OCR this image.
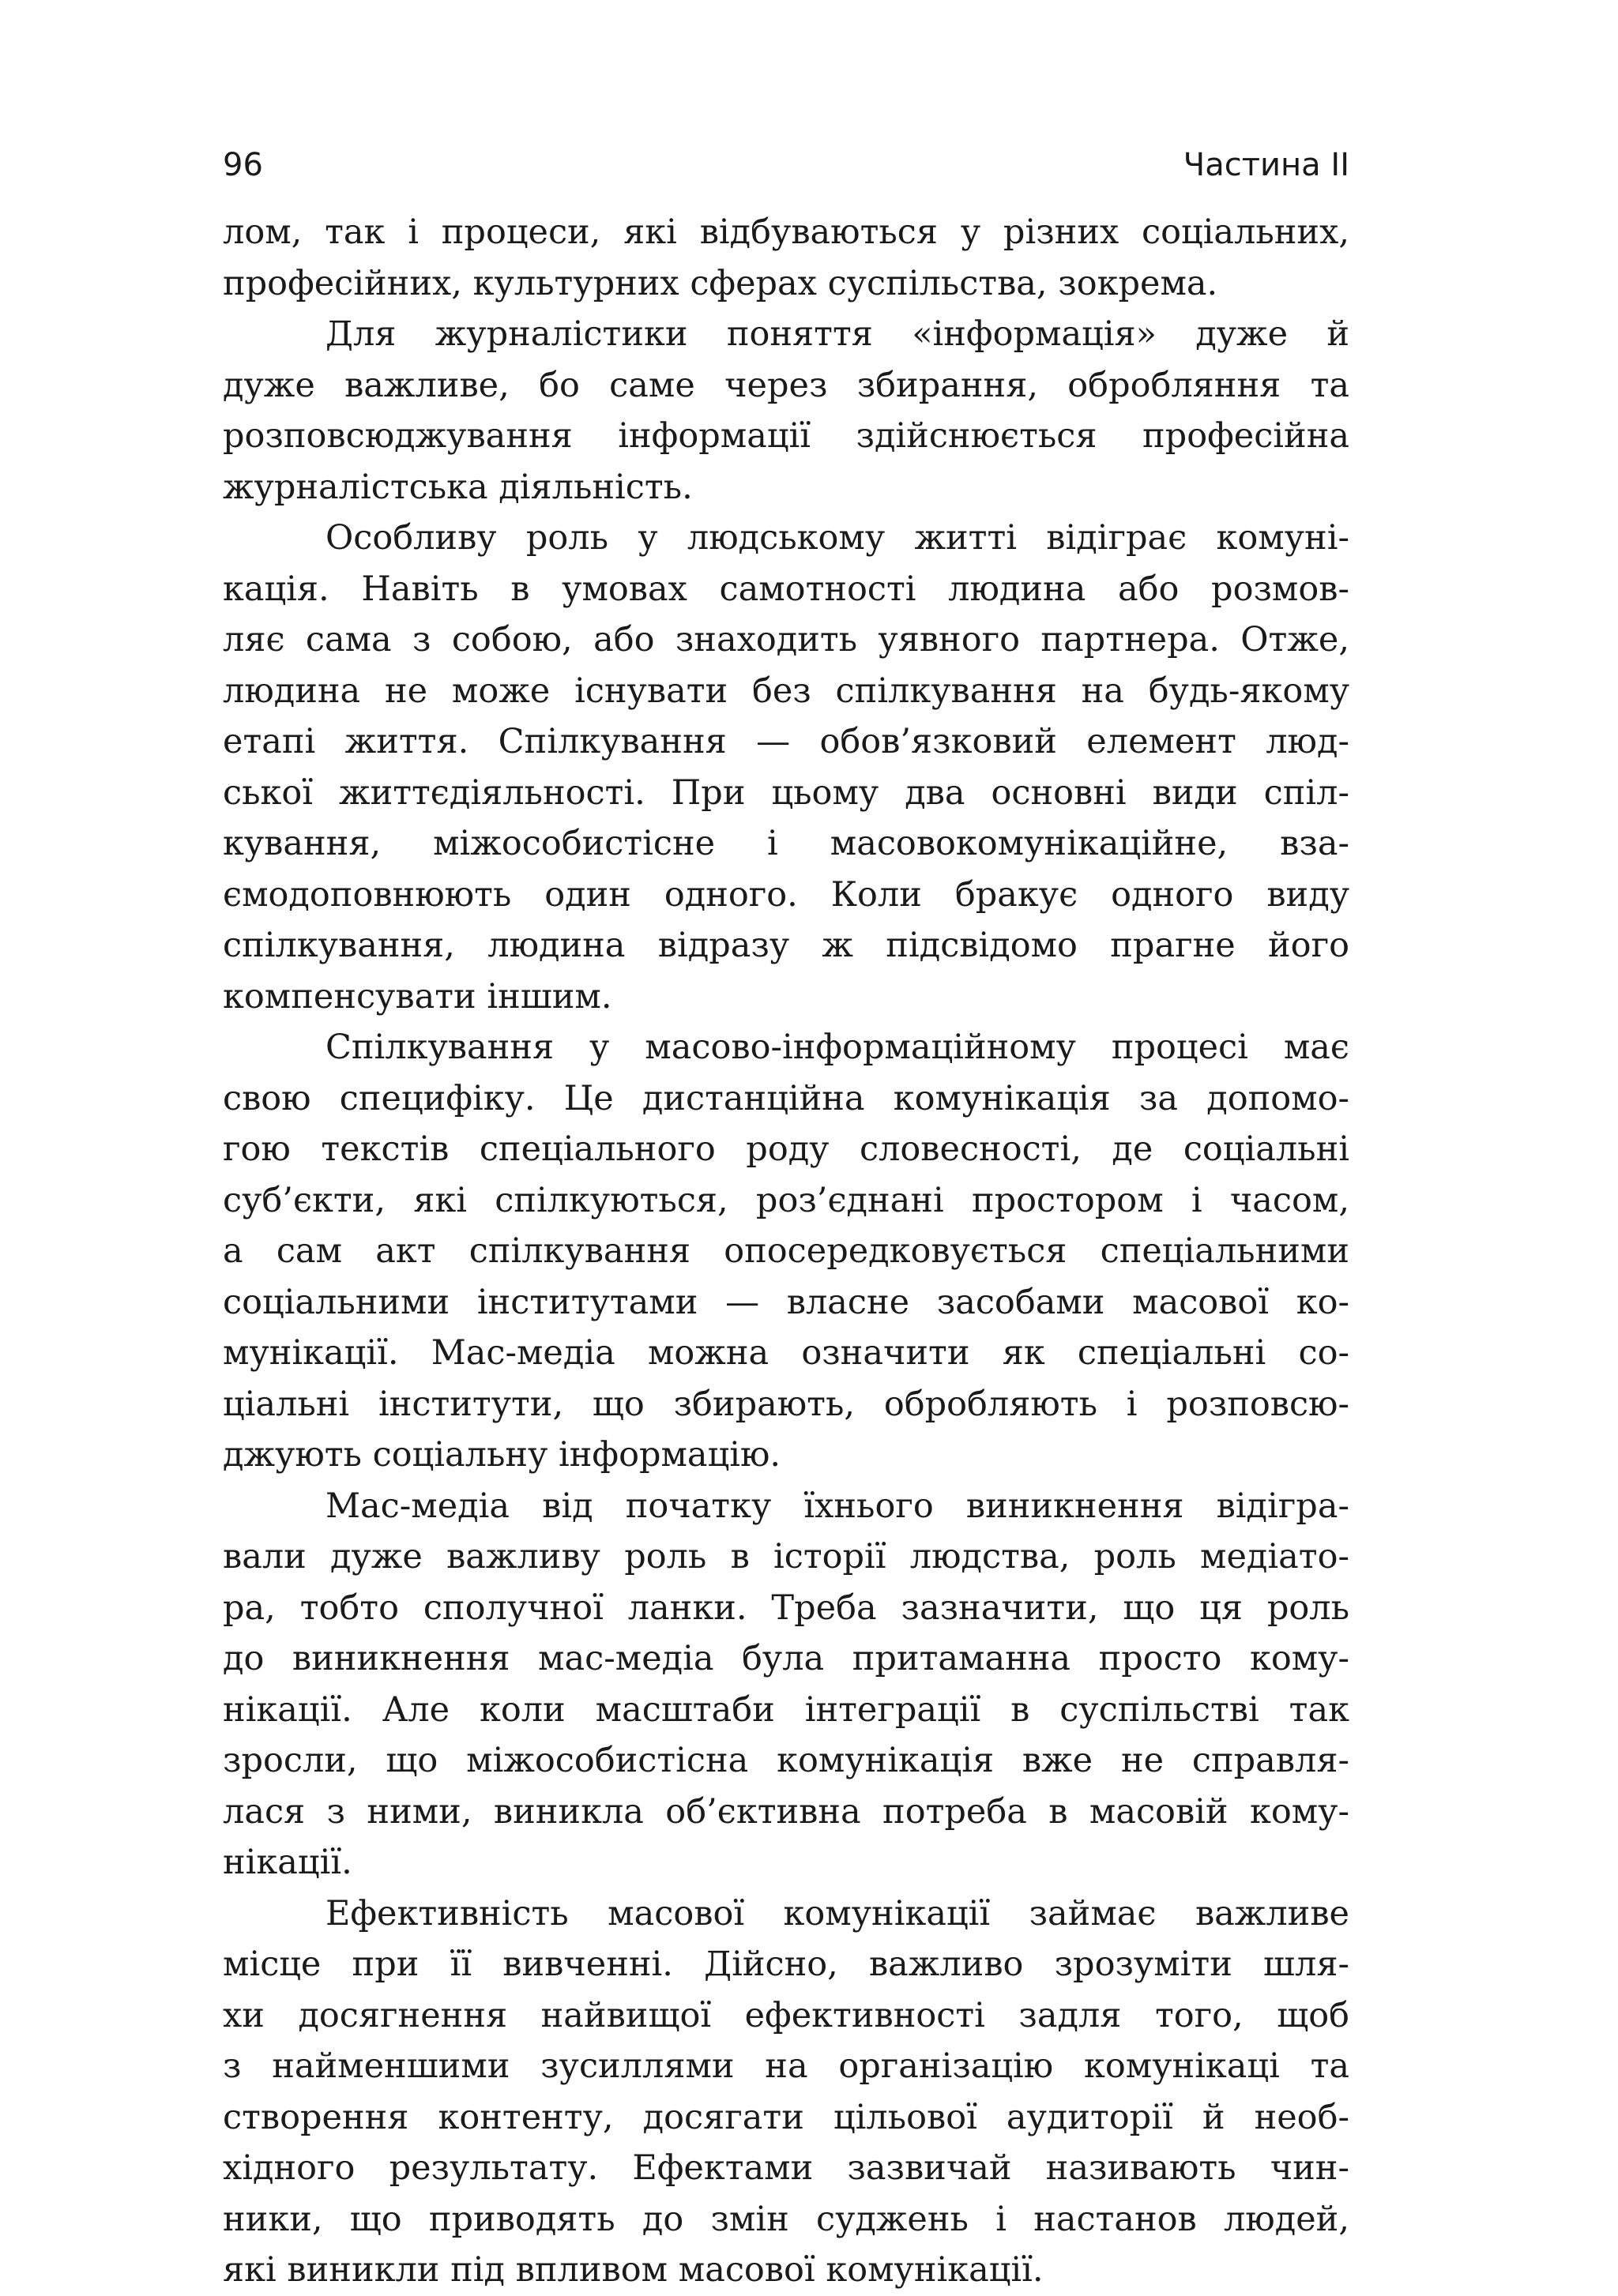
96	Частина II
лом, так і процеси, які відбуваються у різних соціальних,
професійних, культурних сферах суспільства, зокрема.
Для журналістики поняття «інформація» дуже й
дуже важливе, бо саме через збирання, обробляння та
розповсюджування інформації здійснюється професійна
журналістська діяльність.
Особливу роль у людському житті відіграє комуні-
кація. Навіть в умовах самотності людина або розмов-
ляє сама з собою, або знаходить уявного партнера. Отже,
людина не може існувати без спілкування на будь-якому
етапі життя. Спілкування — обов’язковий елемент люд-
ської життєдіяльності. При цьому два основні види спіл-
кування, міжособистісне і масовокомунікаційне, вза-
ємодоповнюють один одного. Коли бракує одного виду
спілкування, людина відразу ж підсвідомо прагне його
компенсувати іншим.
Спілкування у масово-інформаційному процесі має
свою специфіку. Це дистанційна комунікація за допомо-
гою текстів спеціального роду словесності, де соціальні
суб’єкти, які спілкуються, роз’єднані простором і часом,
а сам акт спілкування опосередковується спеціальними
соціальними інститутами — власне засобами масової ко-
мунікації. Мас-медіа можна означити як спеціальні со-
ціальні інститути, що збирають, обробляють і розповсю-
джують соціальну інформацію.
Мас-медіа від початку їхнього виникнення відігра-
вали дуже важливу роль в історії людства, роль медіато-
ра, тобто сполучної ланки. Треба зазначити, що ця роль
до виникнення мас-медіа була притаманна просто кому-
нікації. Але коли масштаби інтеграції в суспільстві так
зросли, що міжособистісна комунікація вже не справля-
лася з ними, виникла об’єктивна потреба в масовій кому-
нікації.
Ефективність масової комунікації займає важливе
місце при її вивченні. Дійсно, важливо зрозуміти шля-
хи досягнення найвищої ефективності задля того, щоб
з найменшими зусиллями на організацію комунікаці та
створення контенту, досягати цільової аудиторії й необ-
хідного результату. Ефектами зазвичай називають чин-
ники, що приводять до змін суджень і настанов людей,
які виникли під впливом масової комунікації.
